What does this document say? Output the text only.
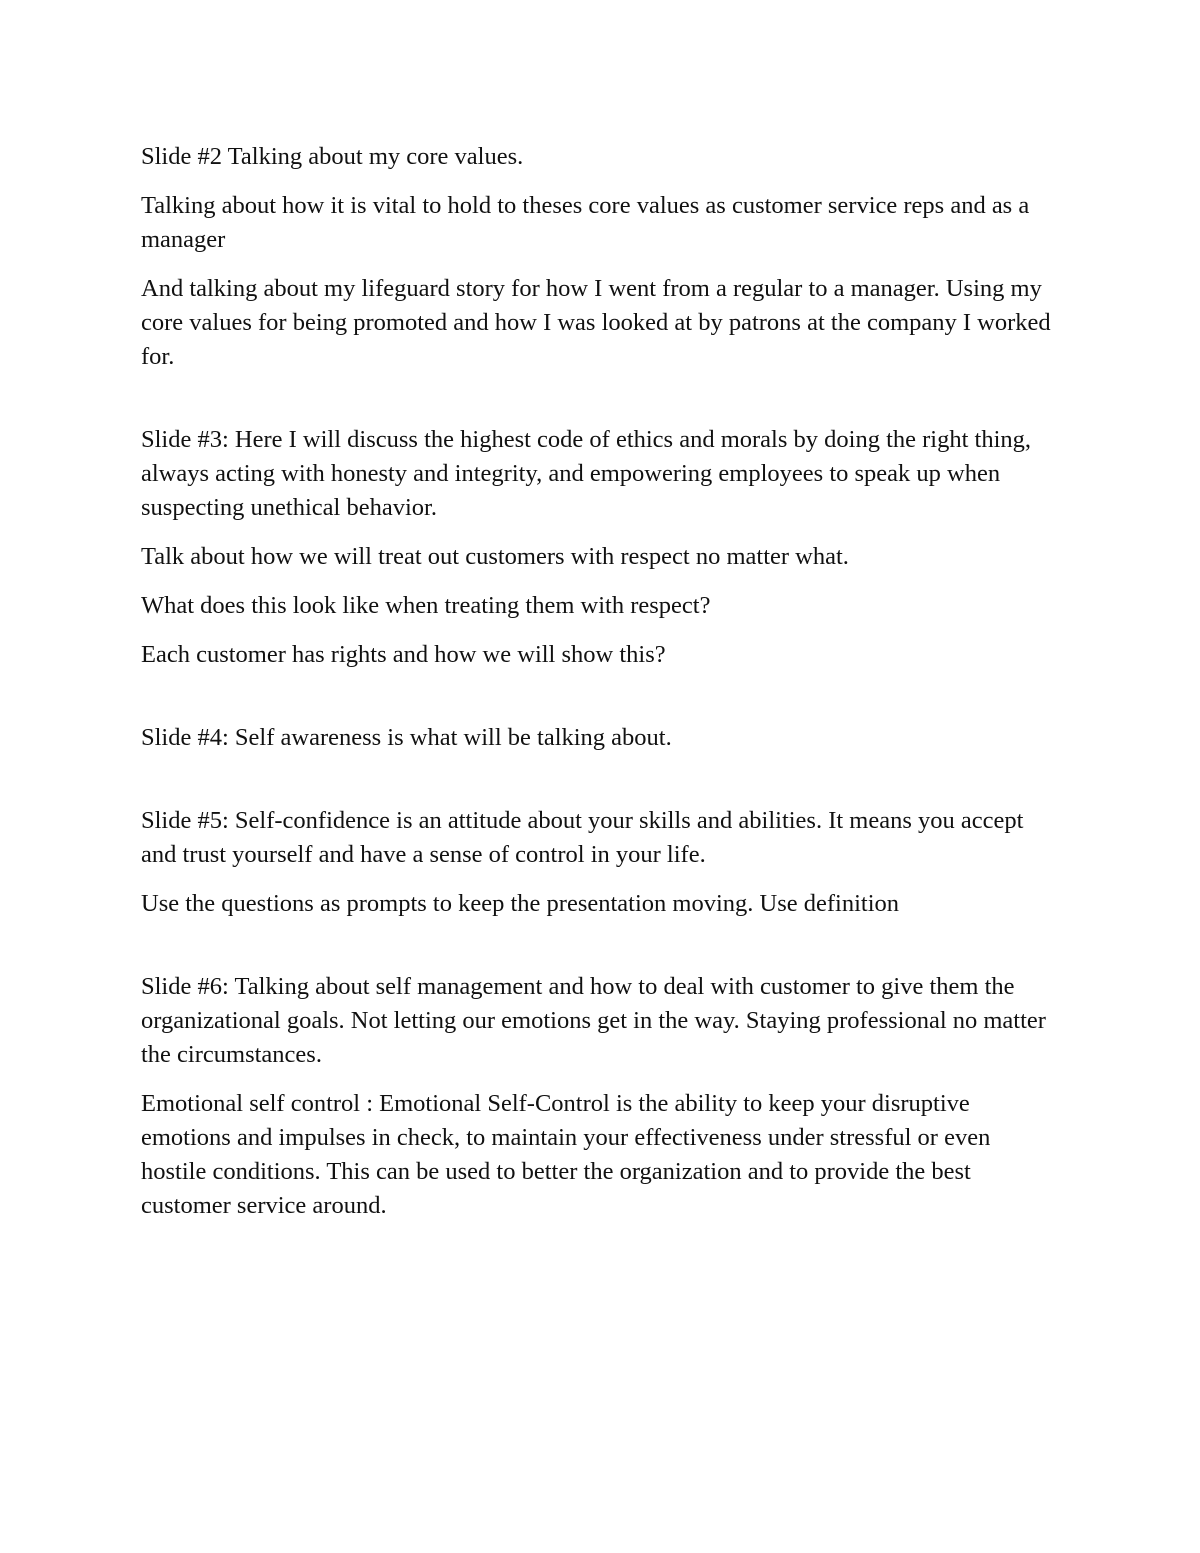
Slide #2 Talking about my core values.

Talking about how it is vital to hold to theses core values as customer service reps and as a manager

And talking about my lifeguard story for how I went from a regular to a manager. Using my core values for being promoted and how I was looked at by patrons at the company I worked for.

Slide #3: Here I will discuss the highest code of ethics and morals by doing the right thing, always acting with honesty and integrity, and empowering employees to speak up when suspecting unethical behavior.

Talk about how we will treat out customers with respect no matter what.

What does this look like when treating them with respect?

Each customer has rights and how we will show this?

Slide #4: Self awareness is what will be talking about.

Slide #5: Self-confidence is an attitude about your skills and abilities. It means you accept and trust yourself and have a sense of control in your life.

Use the questions as prompts to keep the presentation moving. Use definition

Slide #6: Talking about self management and how to deal with customer to give them the organizational goals. Not letting our emotions get in the way. Staying professional no matter the circumstances.

Emotional self control : Emotional Self-Control is the ability to keep your disruptive emotions and impulses in check, to maintain your effectiveness under stressful or even hostile conditions. This can be used to better the organization and to provide the best customer service around.
